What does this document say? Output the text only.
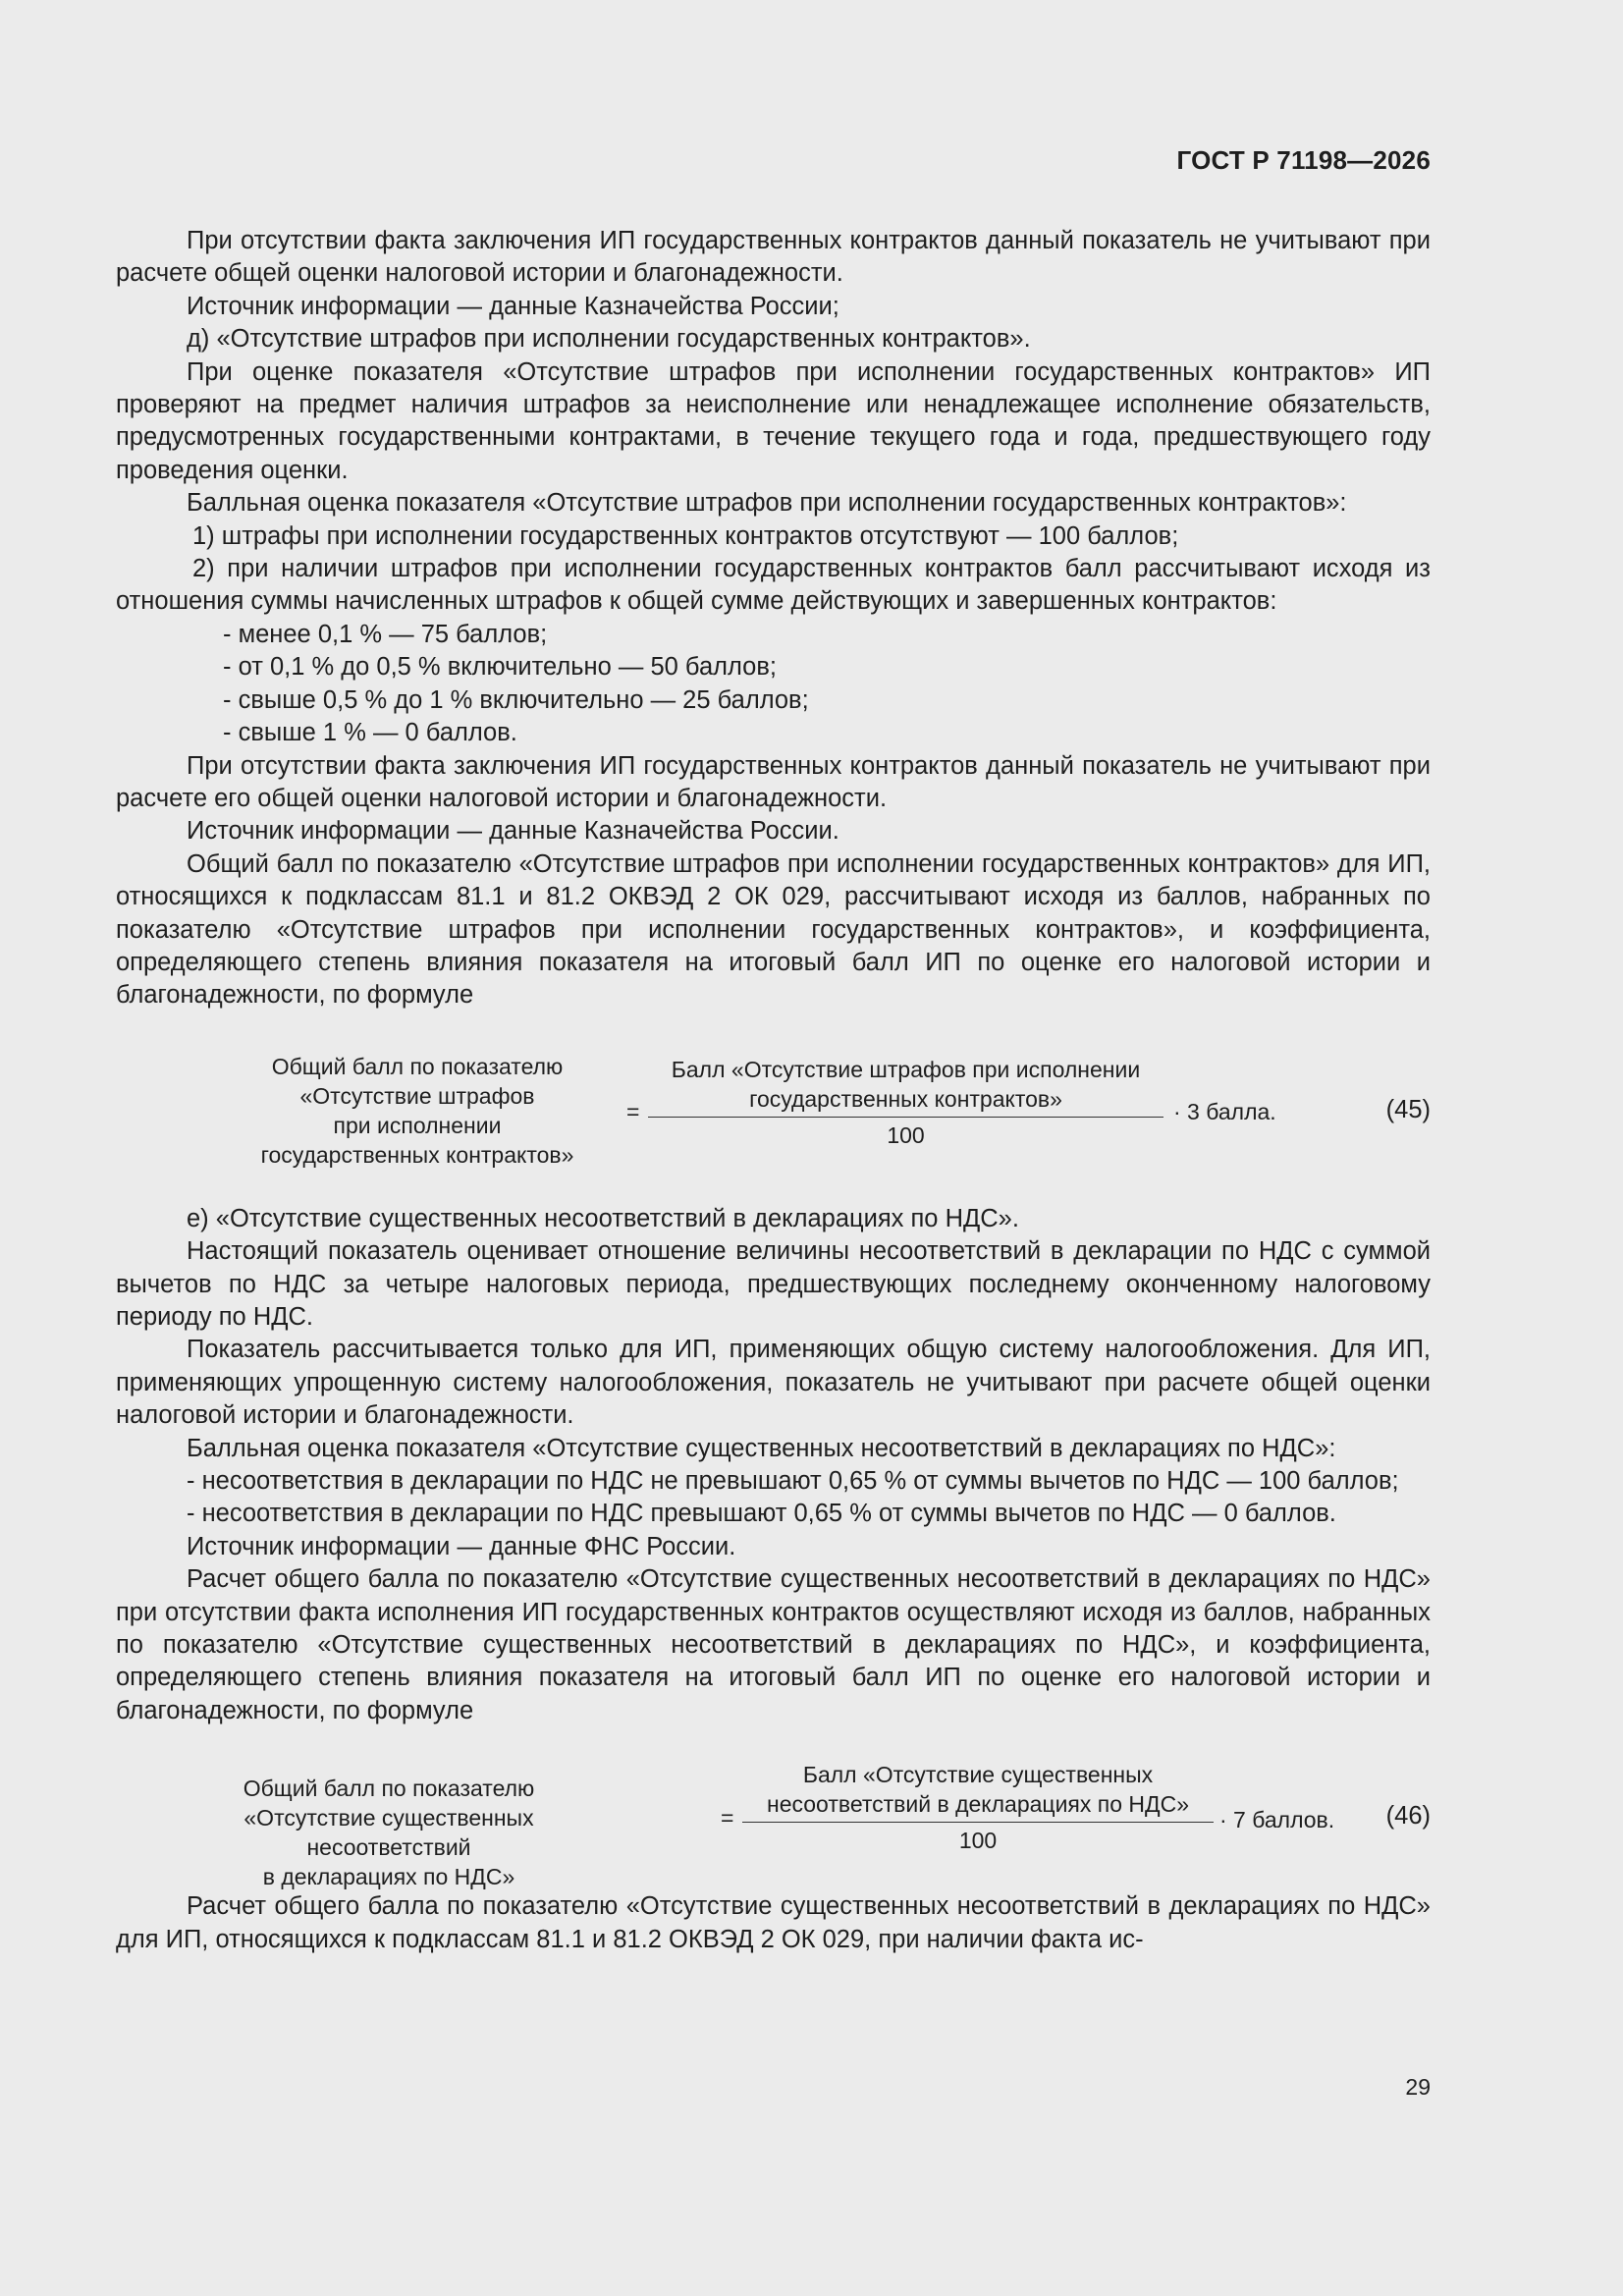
ГОСТ Р 71198—2026

При отсутствии факта заключения ИП государственных контрактов данный показатель не учитывают при расчете общей оценки налоговой истории и благонадежности.

Источник информации — данные Казначейства России;

д) «Отсутствие штрафов при исполнении государственных контрактов».

При оценке показателя «Отсутствие штрафов при исполнении государственных контрактов» ИП проверяют на предмет наличия штрафов за неисполнение или ненадлежащее исполнение обязательств, предусмотренных государственными контрактами, в течение текущего года и года, предшествующего году проведения оценки.

Балльная оценка показателя «Отсутствие штрафов при исполнении государственных контрактов»:

1) штрафы при исполнении государственных контрактов отсутствуют — 100 баллов;

2) при наличии штрафов при исполнении государственных контрактов балл рассчитывают исходя из отношения суммы начисленных штрафов к общей сумме действующих и завершенных контрактов:

- менее 0,1 % — 75 баллов;

- от 0,1 % до 0,5 % включительно — 50 баллов;

- свыше 0,5 % до 1 % включительно — 25 баллов;

- свыше 1 % — 0 баллов.

При отсутствии факта заключения ИП государственных контрактов данный показатель не учитывают при расчете его общей оценки налоговой истории и благонадежности.

Источник информации — данные Казначейства России.

Общий балл по показателю «Отсутствие штрафов при исполнении государственных контрактов» для ИП, относящихся к подклассам 81.1 и 81.2 ОКВЭД 2 ОК 029, рассчитывают исходя из баллов, набранных по показателю «Отсутствие штрафов при исполнении государственных контрактов», и коэффициента, определяющего степень влияния показателя на итоговый балл ИП по оценке его налоговой истории и благонадежности, по формуле

Общий балл по показателю
«Отсутствие штрафов
при исполнении
государственных контрактов»
=
Балл «Отсутствие штрафов при исполнении
государственных контрактов»
100
· 3 балла.	(45)

е) «Отсутствие существенных несоответствий в декларациях по НДС».

Настоящий показатель оценивает отношение величины несоответствий в декларации по НДС с суммой вычетов по НДС за четыре налоговых периода, предшествующих последнему оконченному налоговому периоду по НДС.

Показатель рассчитывается только для ИП, применяющих общую систему налогообложения. Для ИП, применяющих упрощенную систему налогообложения, показатель не учитывают при расчете общей оценки налоговой истории и благонадежности.

Балльная оценка показателя «Отсутствие существенных несоответствий в декларациях по НДС»:

- несоответствия в декларации по НДС не превышают 0,65 % от суммы вычетов по НДС — 100 баллов;

- несоответствия в декларации по НДС превышают 0,65 % от суммы вычетов по НДС — 0 баллов.

Источник информации — данные ФНС России.

Расчет общего балла по показателю «Отсутствие существенных несоответствий в декларациях по НДС» при отсутствии факта исполнения ИП государственных контрактов осуществляют исходя из баллов, набранных по показателю «Отсутствие существенных несоответствий в декларациях по НДС», и коэффициента, определяющего степень влияния показателя на итоговый балл ИП по оценке его налоговой истории и благонадежности, по формуле

Общий балл по показателю
«Отсутствие существенных несоответствий
в декларациях по НДС»
=
Балл «Отсутствие существенных
несоответствий в декларациях по НДС»
100
· 7 баллов. (46)

Расчет общего балла по показателю «Отсутствие существенных несоответствий в декларациях по НДС» для ИП, относящихся к подклассам 81.1 и 81.2 ОКВЭД 2 ОК 029, при наличии факта ис-

29
